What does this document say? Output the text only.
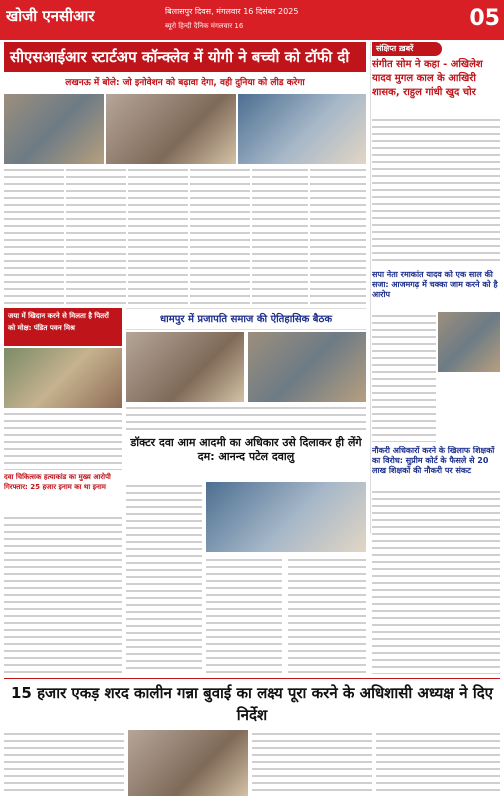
खोजी एनसीआर	बिलासपुर दिवस, मंगलवार 16 दिसंबर 2025
ब्यूरो हिन्दी दैनिक मंगलवार 16	05
सीएसआईआर स्टार्टअप कॉन्क्लेव में योगी ने बच्ची को टॉफी दी
लखनऊ में बोले: जो इनोवेशन को बढ़ावा देगा, वही दुनिया को लीड करेगा
जया में खिदान करने से मिलता है पितरों को मोक्ष: पंडित पवन मिश्र
दवा चिकित्सक हत्याकांड का मुख्य आरोपी गिरफ्तार: 25 हजार इनाम का था इनाम
धामपुर में प्रजापति समाज की ऐतिहासिक बैठक
डॉक्टर दवा आम आदमी का अधिकार उसे दिलाकर ही लेंगे दम: आनन्द पटेल दवालु
संक्षिप्त ख़बरें
संगीत सोम ने कहा - अखिलेश यादव मुगल काल के आखिरी शासक, राहुल गांधी खुद चोर
सपा नेता रमाकांत यादव को एक साल की सजा: आजमगढ़ में चक्का जाम करने को है आरोप
नौकरी अधिकारों करने के खिलाफ शिक्षकों का विरोध: सुप्रीम कोर्ट के फैसले से 20 लाख शिक्षकों की नौकरी पर संकट
15 हजार एकड़ शरद कालीन गन्ना बुवाई का लक्ष्य पूरा करने के अधिशासी अध्यक्ष ने दिए निर्देश
